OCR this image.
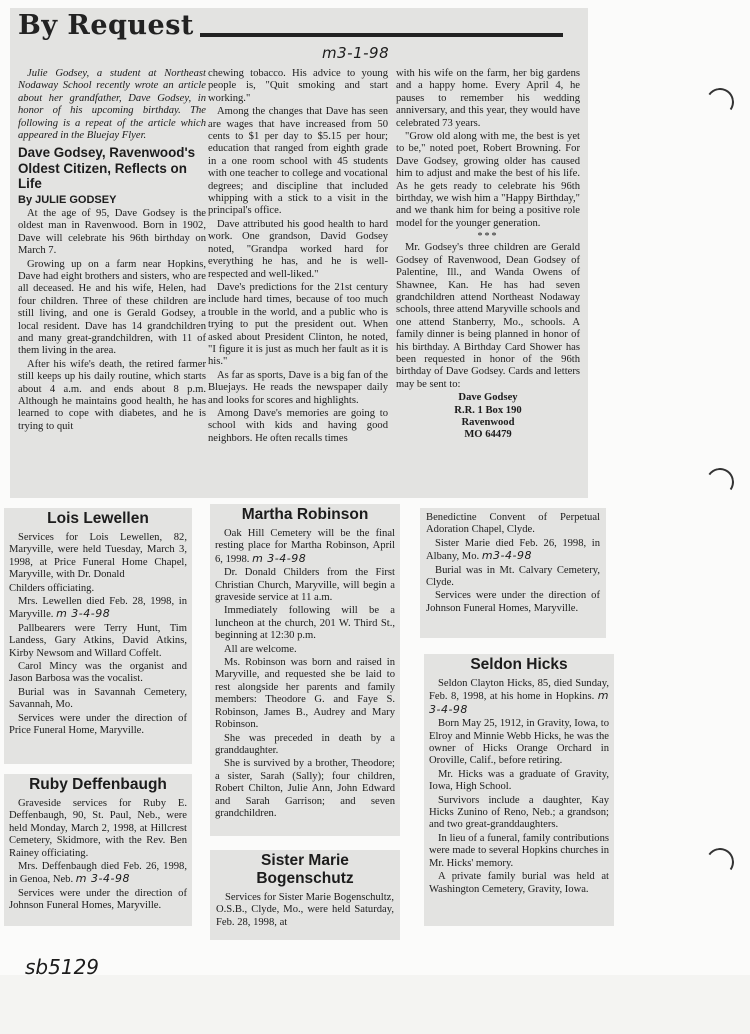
By Request
m3-1-98

Julie Godsey, a student at Northeast Nodaway School recently wrote an article about her grandfather, Dave Godsey, in honor of his upcoming birthday. The following is a repeat of the article which appeared in the Bluejay Flyer.

Dave Godsey, Ravenwood's Oldest Citizen, Reflects on Life
By JULIE GODSEY

At the age of 95, Dave Godsey is the oldest man in Ravenwood. Born in 1902, Dave will celebrate his 96th birthday on March 7.

Growing up on a farm near Hopkins, Dave had eight brothers and sisters, who are all deceased. He and his wife, Helen, had four children. Three of these children are still living, and one is Gerald Godsey, a local resident. Dave has 14 grandchildren and many great-grandchildren, with 11 of them living in the area.

After his wife's death, the retired farmer still keeps up his daily routine, which starts about 4 a.m. and ends about 8 p.m. Although he maintains good health, he has learned to cope with diabetes, and he is trying to quit

chewing tobacco. His advice to young people is, "Quit smoking and start working."

Among the changes that Dave has seen are wages that have increased from 50 cents to $1 per day to $5.15 per hour; education that ranged from eighth grade in a one room school with 45 students with one teacher to college and vocational degrees; and discipline that included whipping with a stick to a visit in the principal's office.

Dave attributed his good health to hard work. One grandson, David Godsey noted, "Grandpa worked hard for everything he has, and he is well-respected and well-liked."

Dave's predictions for the 21st century include hard times, because of too much trouble in the world, and a public who is trying to put the president out. When asked about President Clinton, he noted, "I figure it is just as much her fault as it is his."

As far as sports, Dave is a big fan of the Bluejays. He reads the newspaper daily and looks for scores and highlights.

Among Dave's memories are going to school with kids and having good neighbors. He often recalls times

with his wife on the farm, her big gardens and a happy home. Every April 4, he pauses to remember his wedding anniversary, and this year, they would have celebrated 73 years.

"Grow old along with me, the best is yet to be," noted poet, Robert Browning. For Dave Godsey, growing older has caused him to adjust and make the best of his life. As he gets ready to celebrate his 96th birthday, we wish him a "Happy Birthday," and we thank him for being a positive role model for the younger generation.

***

Mr. Godsey's three children are Gerald Godsey of Ravenwood, Dean Godsey of Palentine, Ill., and Wanda Owens of Shawnee, Kan. He has had seven grandchildren attend Northeast Nodaway schools, three attend Maryville schools and one attend Stanberry, Mo., schools. A family dinner is being planned in honor of his birthday. A Birthday Card Shower has been requested in honor of the 96th birthday of Dave Godsey. Cards and letters may be sent to:

Dave Godsey

R.R. 1 Box 190

Ravenwood

MO 64479

Lois Lewellen

Services for Lois Lewellen, 82, Maryville, were held Tuesday, March 3, 1998, at Price Funeral Home Chapel, Maryville, with Dr. Donald

Childers officiating.

Mrs. Lewellen died Feb. 28, 1998, in Maryville. m 3-4-98

Pallbearers were Terry Hunt, Tim Landess, Gary Atkins, David Atkins, Kirby Newsom and Willard Coffelt.

Carol Mincy was the organist and Jason Barbosa was the vocalist.

Burial was in Savannah Cemetery, Savannah, Mo.

Services were under the direction of Price Funeral Home, Maryville.

Ruby Deffenbaugh

Graveside services for Ruby E. Deffenbaugh, 90, St. Paul, Neb., were held Monday, March 2, 1998, at Hillcrest Cemetery, Skidmore, with the Rev. Ben Rainey officiating.

Mrs. Deffenbaugh died Feb. 26, 1998, in Genoa, Neb. m 3-4-98

Services were under the direction of Johnson Funeral Homes, Maryville.

Martha Robinson

Oak Hill Cemetery will be the final resting place for Martha Robinson, April 6, 1998. m 3-4-98

Dr. Donald Childers from the First Christian Church, Maryville, will begin a graveside service at 11 a.m.

Immediately following will be a luncheon at the church, 201 W. Third St., beginning at 12:30 p.m.

All are welcome.

Ms. Robinson was born and raised in Maryville, and requested she be laid to rest alongside her parents and family members: Theodore G. and Faye S. Robinson, James B., Audrey and Mary Robinson.

She was preceded in death by a granddaughter.

She is survived by a brother, Theodore; a sister, Sarah (Sally); four children, Robert Chilton, Julie Ann, John Edward and Sarah Garrison; and seven grandchildren.

Sister Marie Bogenschutz

Services for Sister Marie Bogenschultz, O.S.B., Clyde, Mo., were held Saturday, Feb. 28, 1998, at

Benedictine Convent of Perpetual Adoration Chapel, Clyde.

Sister Marie died Feb. 26, 1998, in Albany, Mo. m3-4-98

Burial was in Mt. Calvary Cemetery, Clyde.

Services were under the direction of Johnson Funeral Homes, Maryville.

Seldon Hicks

Seldon Clayton Hicks, 85, died Sunday, Feb. 8, 1998, at his home in Hopkins. m 3-4-98

Born May 25, 1912, in Gravity, Iowa, to Elroy and Minnie Webb Hicks, he was the owner of Hicks Orange Orchard in Oroville, Calif., before retiring.

Mr. Hicks was a graduate of Gravity, Iowa, High School.

Survivors include a daughter, Kay Hicks Zunino of Reno, Neb.; a grandson; and two great-granddaughters.

In lieu of a funeral, family contributions were made to several Hopkins churches in Mr. Hicks' memory.

A private family burial was held at Washington Cemetery, Gravity, Iowa.

sb5129
